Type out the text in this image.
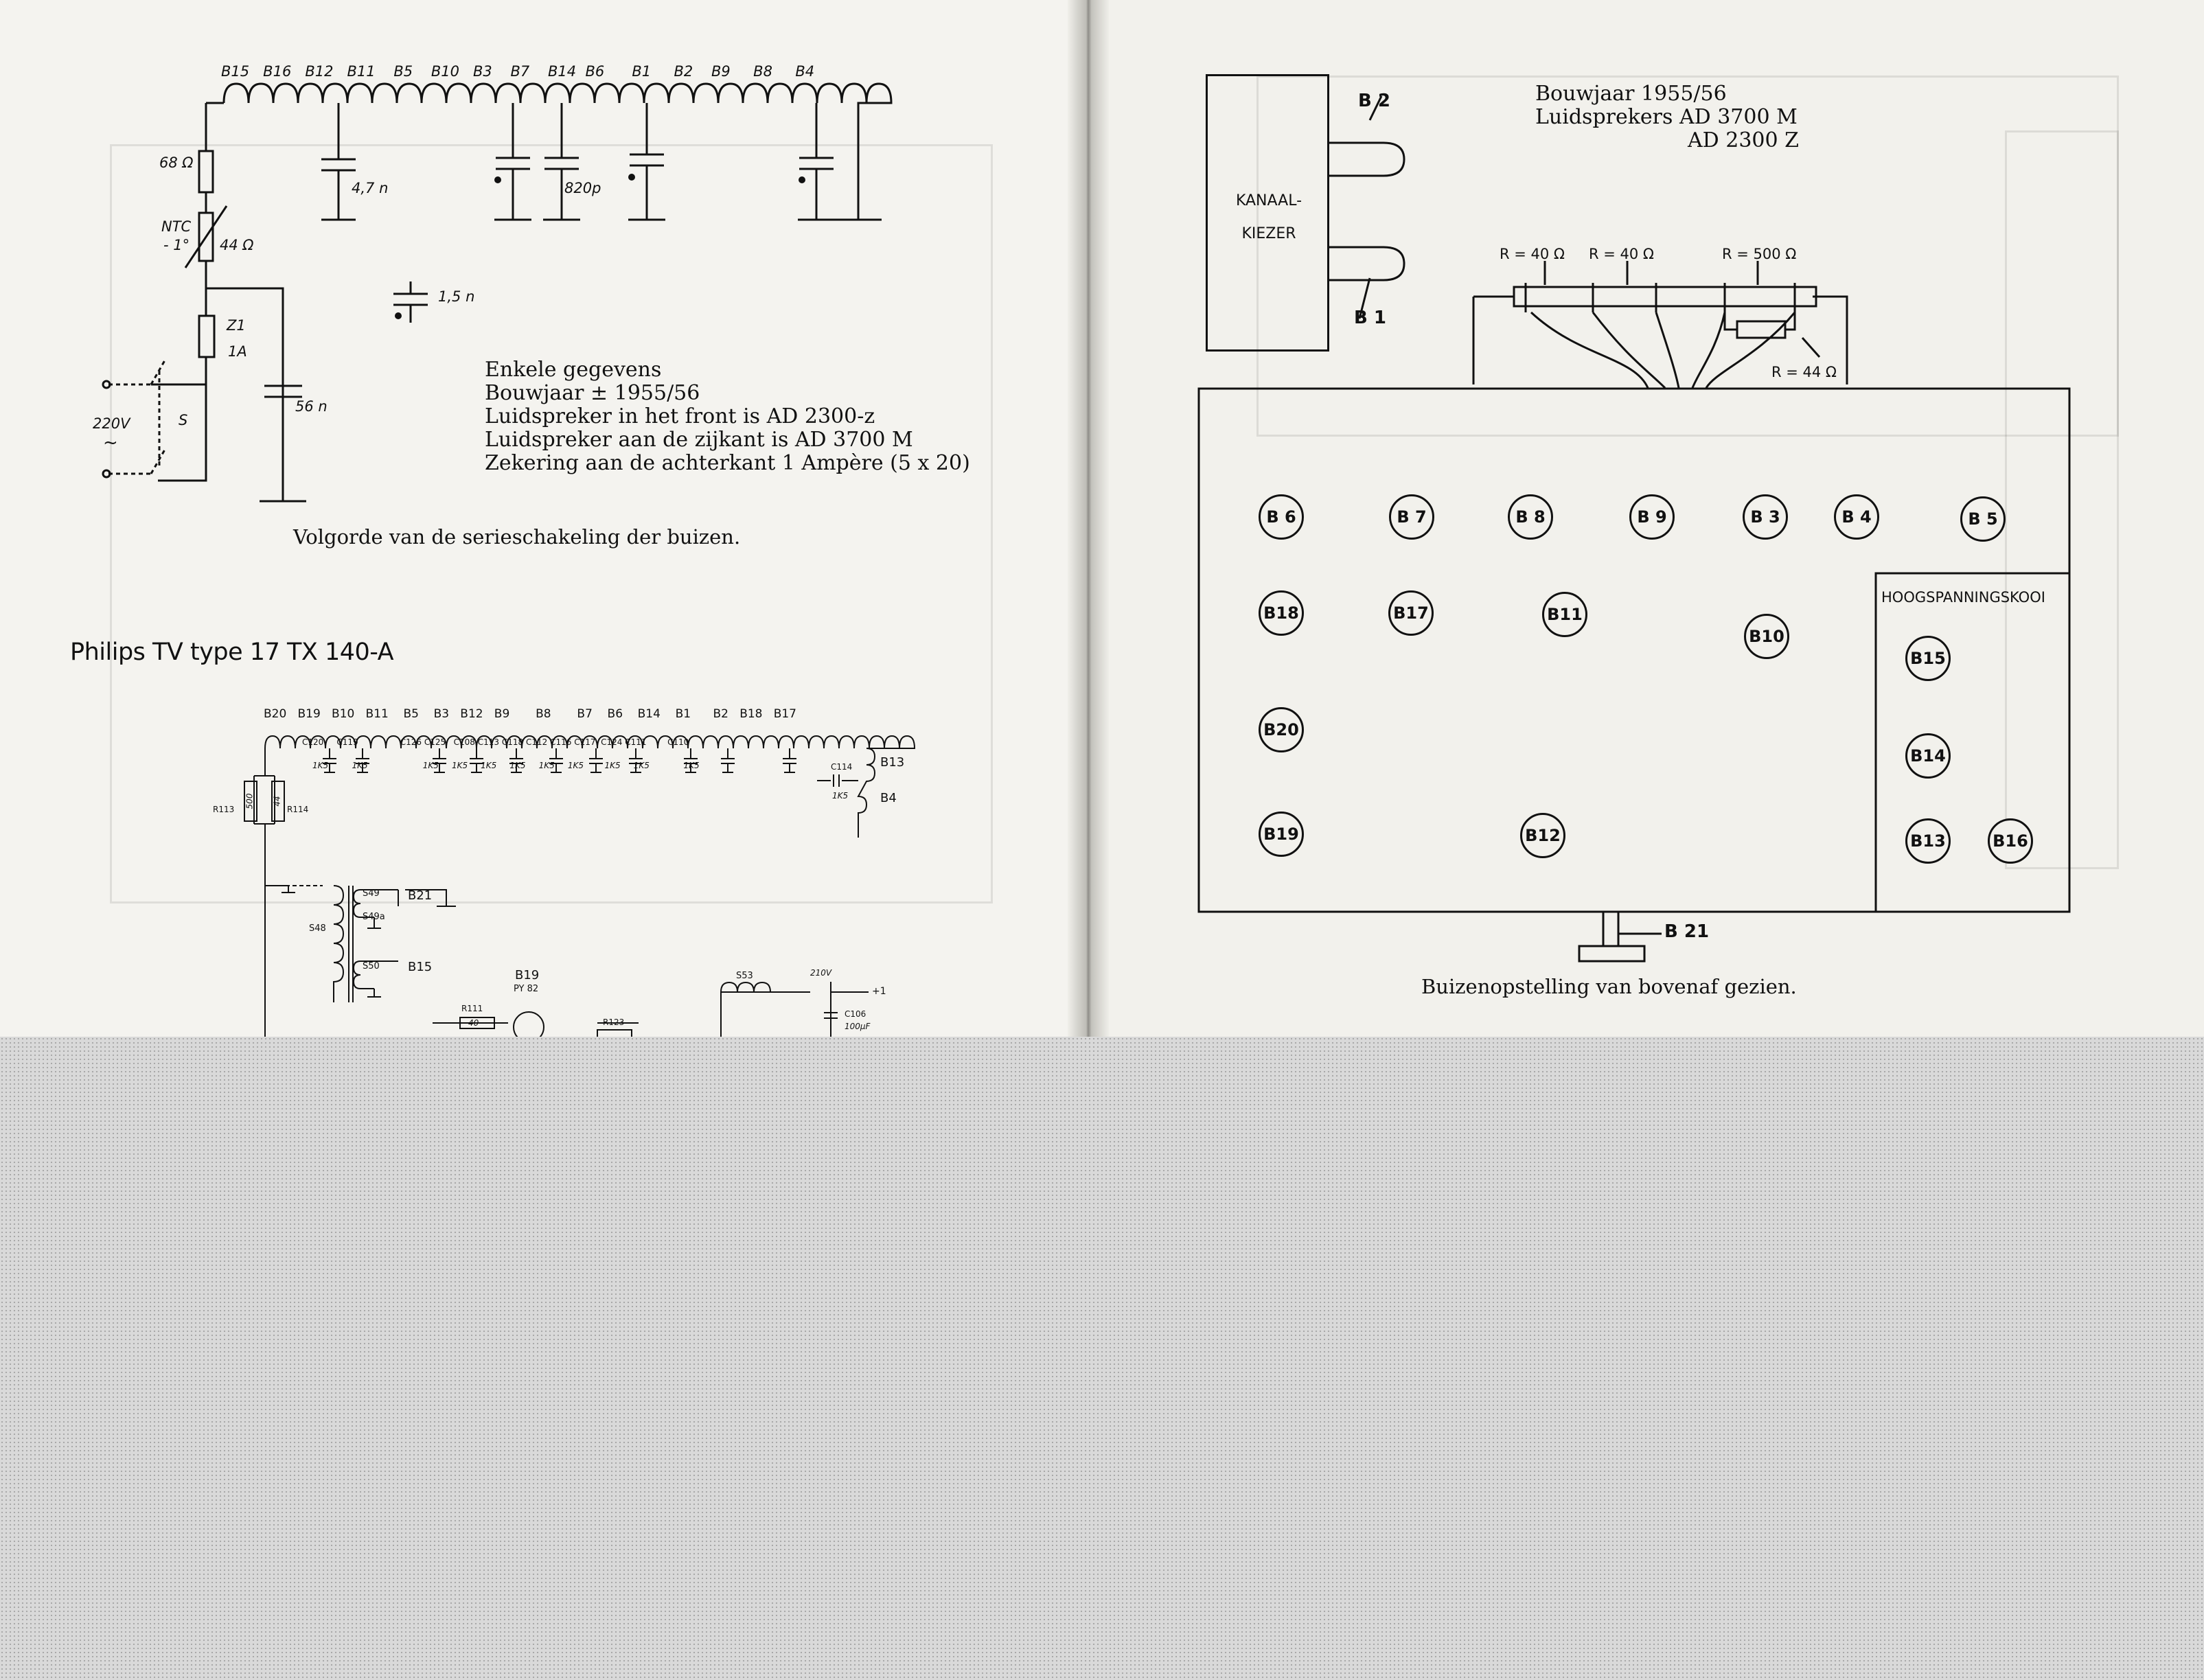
B15 B16 B12 B11 B5 B10 B3 B7 B14 B6 B1 B2 B9 B8 B4
68 Ω
NTC
- 1° 44 Ω
4,7 n	820p
1,5 n
Z1
1A
56 n
220V
~
S
Enkele gegevens
Bouwjaar ± 1955/56
Luidspreker in het front is AD 2300-z
Luidspreker aan de zijkant is AD 3700 M
Zekering aan de achterkant 1 Ampère (5 x 20)
Volgorde van de serieschakeling der buizen.
Philips TV type 17 TX 140-A
B20 B19 B10 B11 B5 B3 B12 B9 B8 B7 B6 B14 B1 B2 B18 B17
C120 C119	C126 C125 C108 C113 C118 C112 C116 C117 C124 C111	C110
1K5	1K5	1K5 1K5 1K5 1K5 1K5 1K5	1K5 1K5	1K5	C114
1K5
B13
B4
R113	R114
500 44
S49 B21
S49a
S48
S50 B15
B19
PY 82
R111
40	R123
S53	210V
+1
C106
100µF
Bouwjaar 1955/56
Luidsprekers AD 3700 M
AD 2300 Z
KANAAL-
KIEZER
B 2
B 1
R = 40 Ω R = 40 Ω	R = 500 Ω
R = 44 Ω
B 6	B 7	B 8	B 9	B 3	B 4	B 5
B18	B17	B11
B10
B20
B19	B12
B15
B14
B13	B16
HOOGSPANNINGSKOOI
B 21
Buizenopstelling van bovenaf gezien.
